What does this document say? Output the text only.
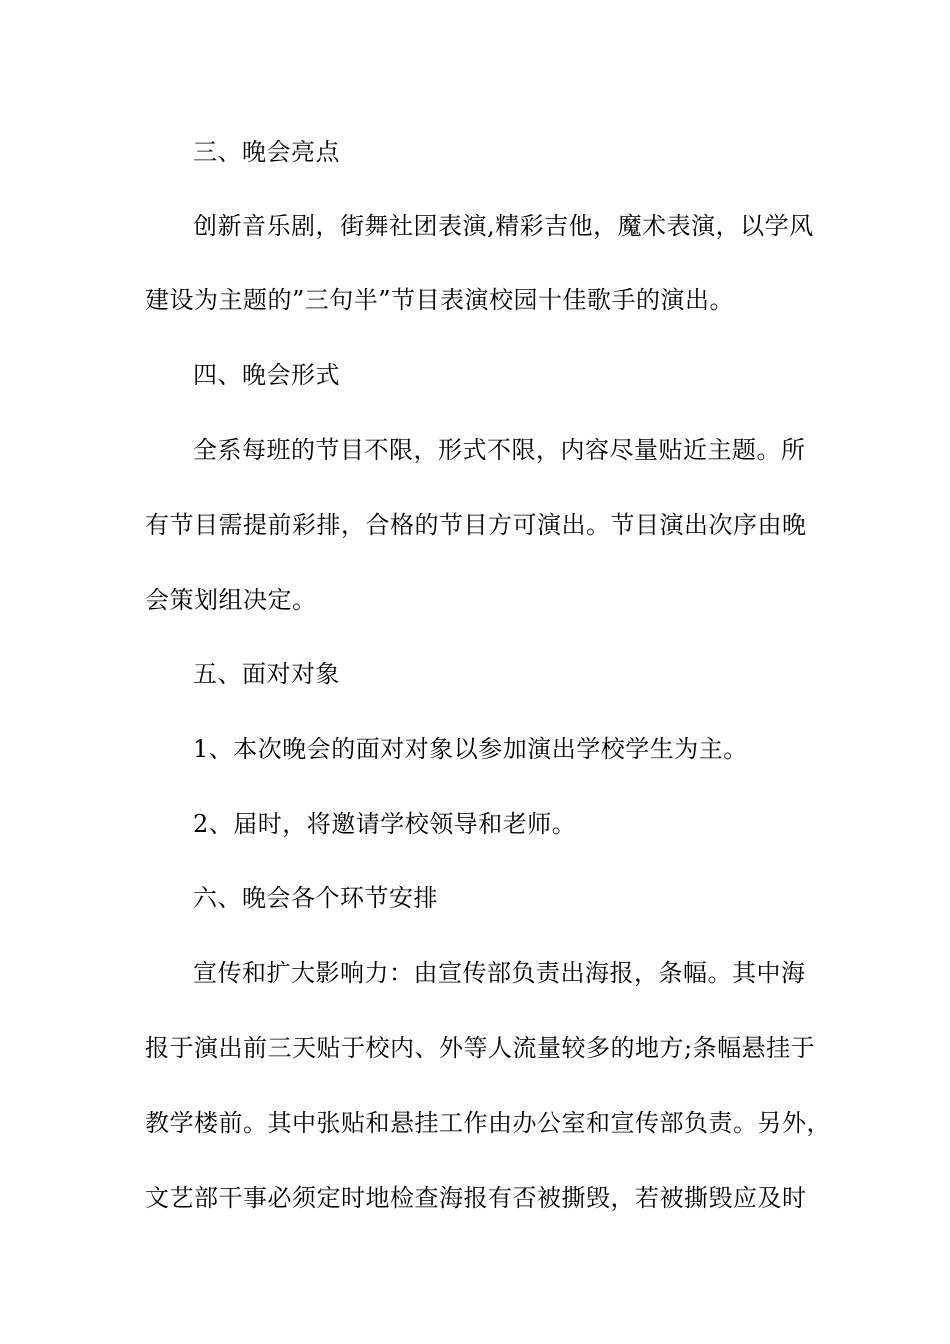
三、晚会亮点
创新音乐剧，街舞社团表演,精彩吉他，魔术表演，以学风
建设为主题的”三句半”节目表演校园十佳歌手的演出。
四、晚会形式
全系每班的节目不限，形式不限，内容尽量贴近主题。所
有节目需提前彩排，合格的节目方可演出。节目演出次序由晚
会策划组决定。
五、面对对象
1、本次晚会的面对对象以参加演出学校学生为主。
2、届时，将邀请学校领导和老师。
六、晚会各个环节安排
宣传和扩大影响力：由宣传部负责出海报，条幅。其中海
报于演出前三天贴于校内、外等人流量较多的地方;条幅悬挂于
教学楼前。其中张贴和悬挂工作由办公室和宣传部负责。另外，
文艺部干事必须定时地检查海报有否被撕毁，若被撕毁应及时
